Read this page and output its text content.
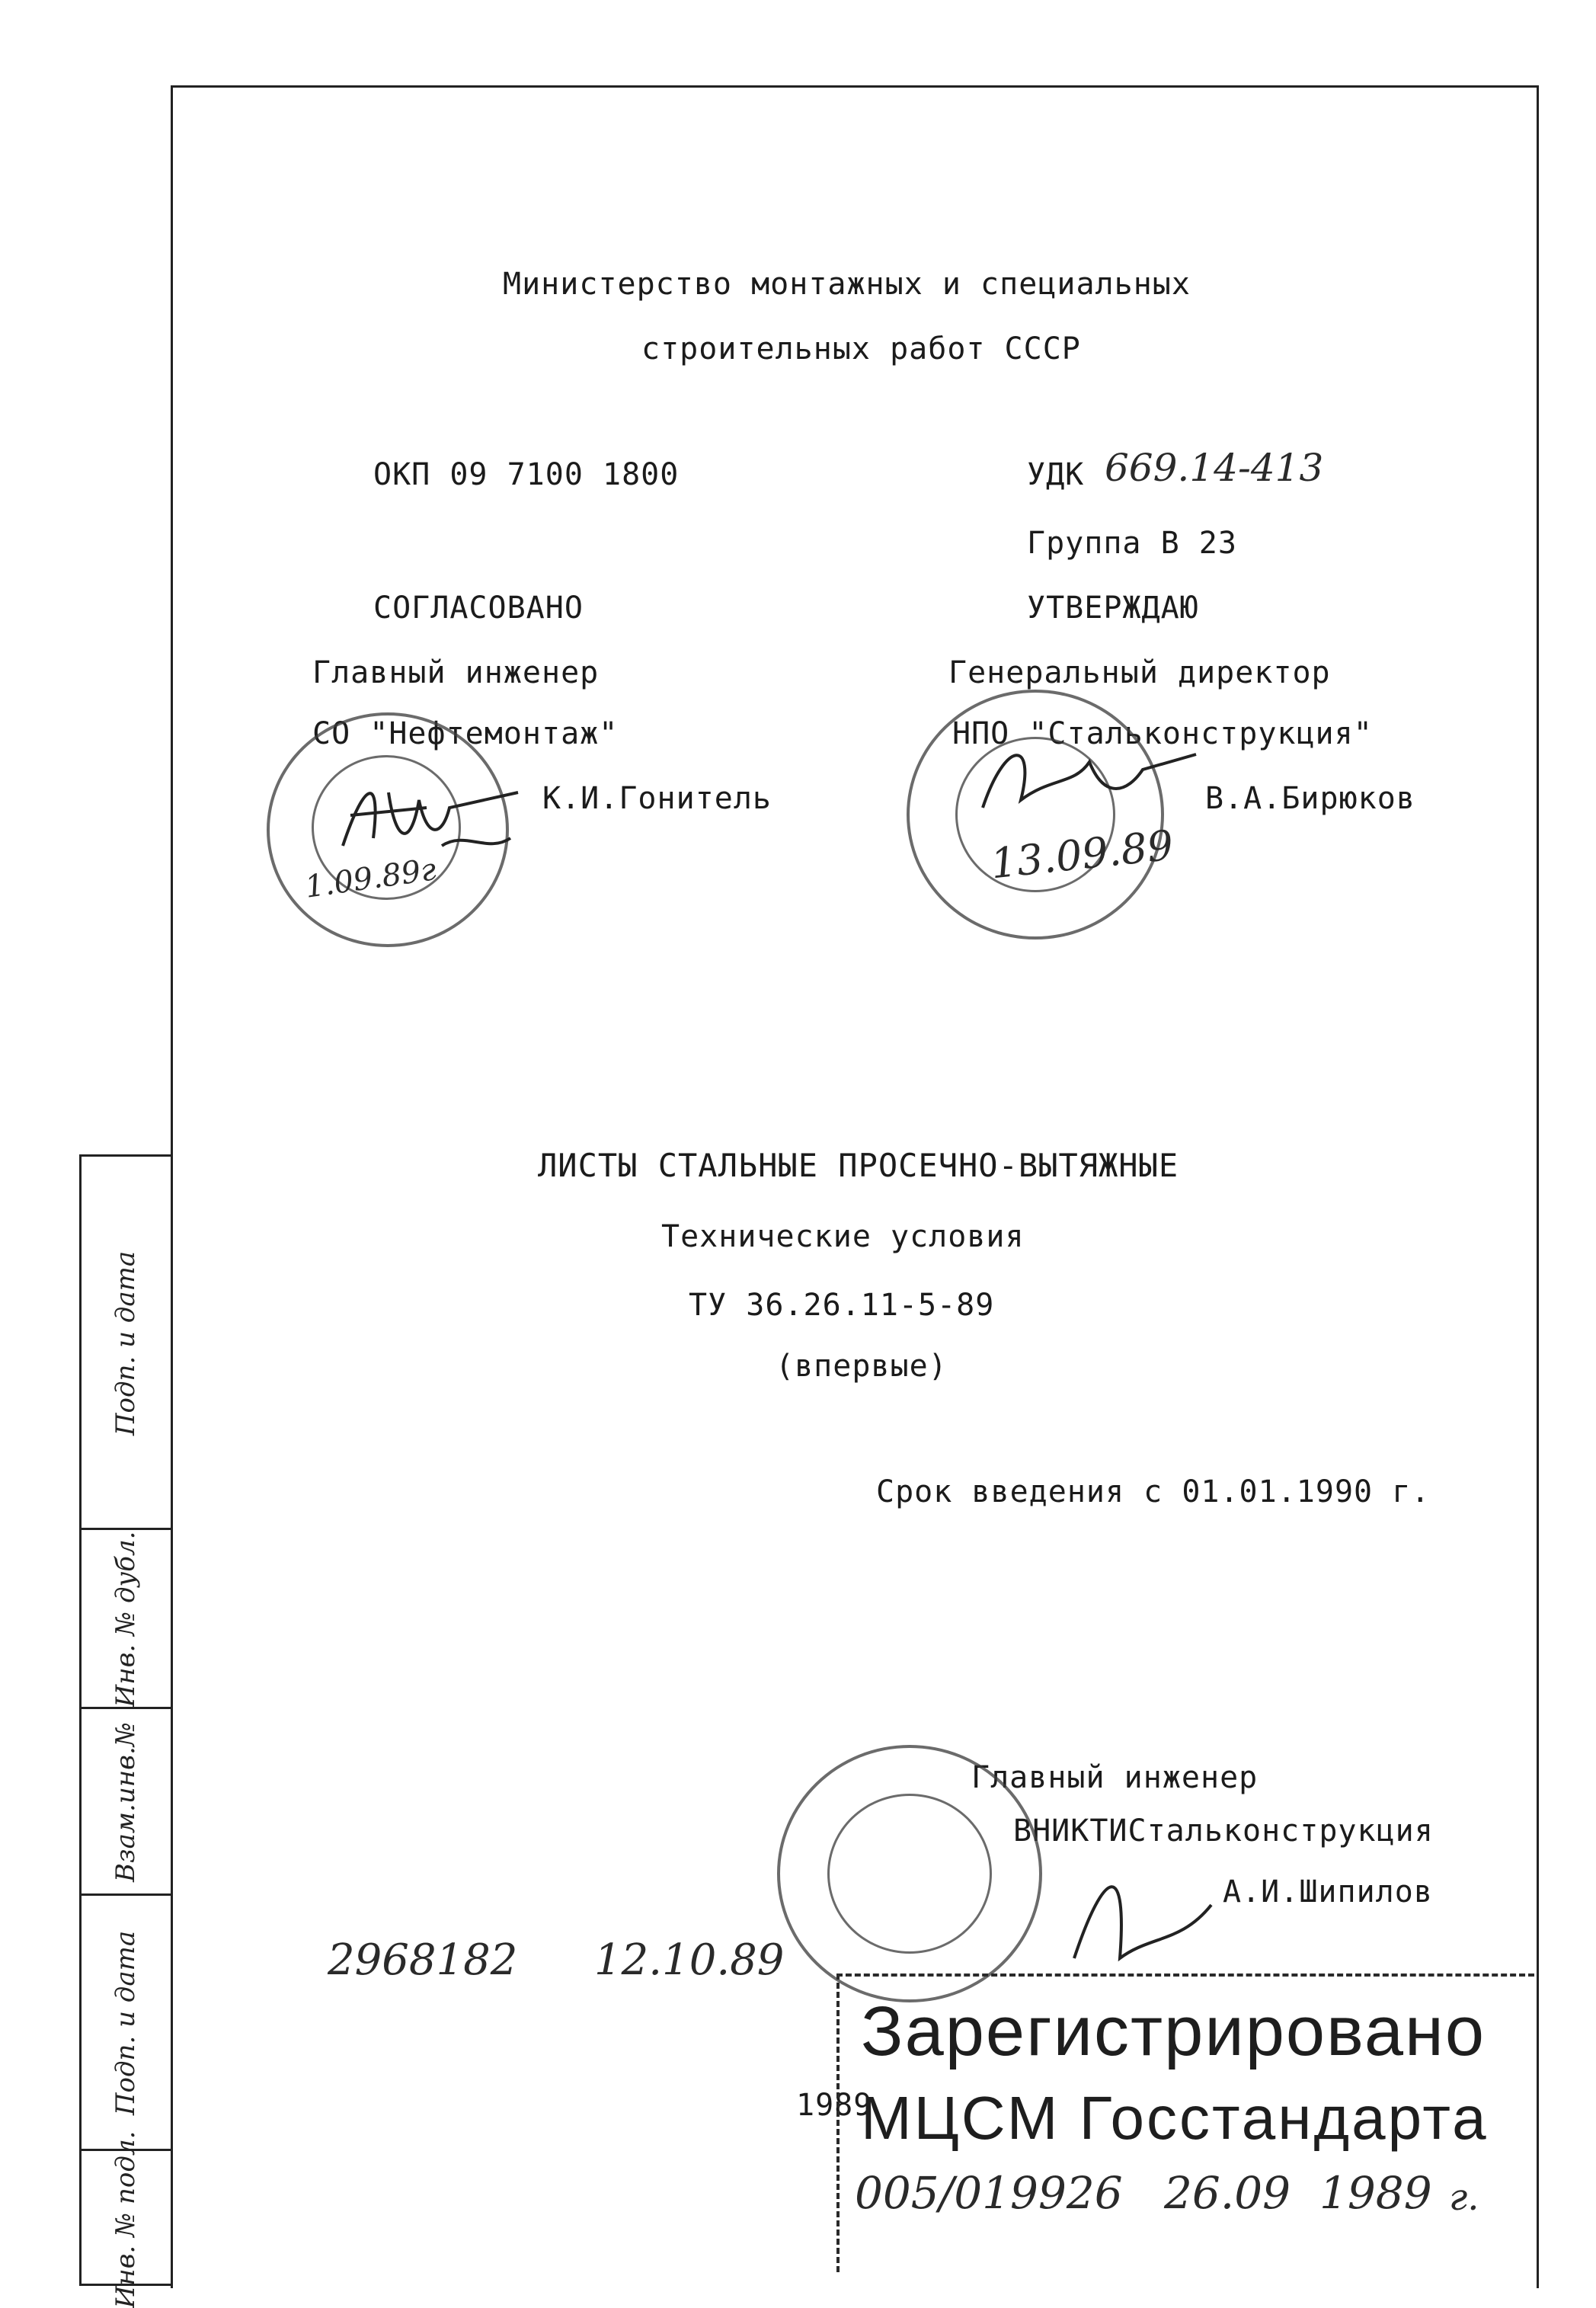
Подп. и дата
Инв. № дубл.
Взам.инв.№
Подп. и дата
Инв. № подл.
Министерство монтажных и специальных
строительных работ СССР
ОКП 09 7100 1800	УДК 669.14-413
Группа В 23
СОГЛАСОВАНО
Главный инженер
СО "Нефтемонтаж"
К.И.Гонитель
1.09.89г
УТВЕРЖДАЮ
Генеральный директор
НПО "Стальконструкция"
В.А.Бирюков
13.09.89
ЛИСТЫ СТАЛЬНЫЕ ПРОСЕЧНО-ВЫТЯЖНЫЕ
Технические условия
ТУ 36.26.11-5-89
(впервые)
Срок введения с 01.01.1990 г.
Главный инженер
ВНИКТИСтальконструкция
А.И.Шипилов
2968182 12.10.89
1989
Зарегистрировано
МЦСМ Госстандарта
005/019926 26.09 1989 г.
